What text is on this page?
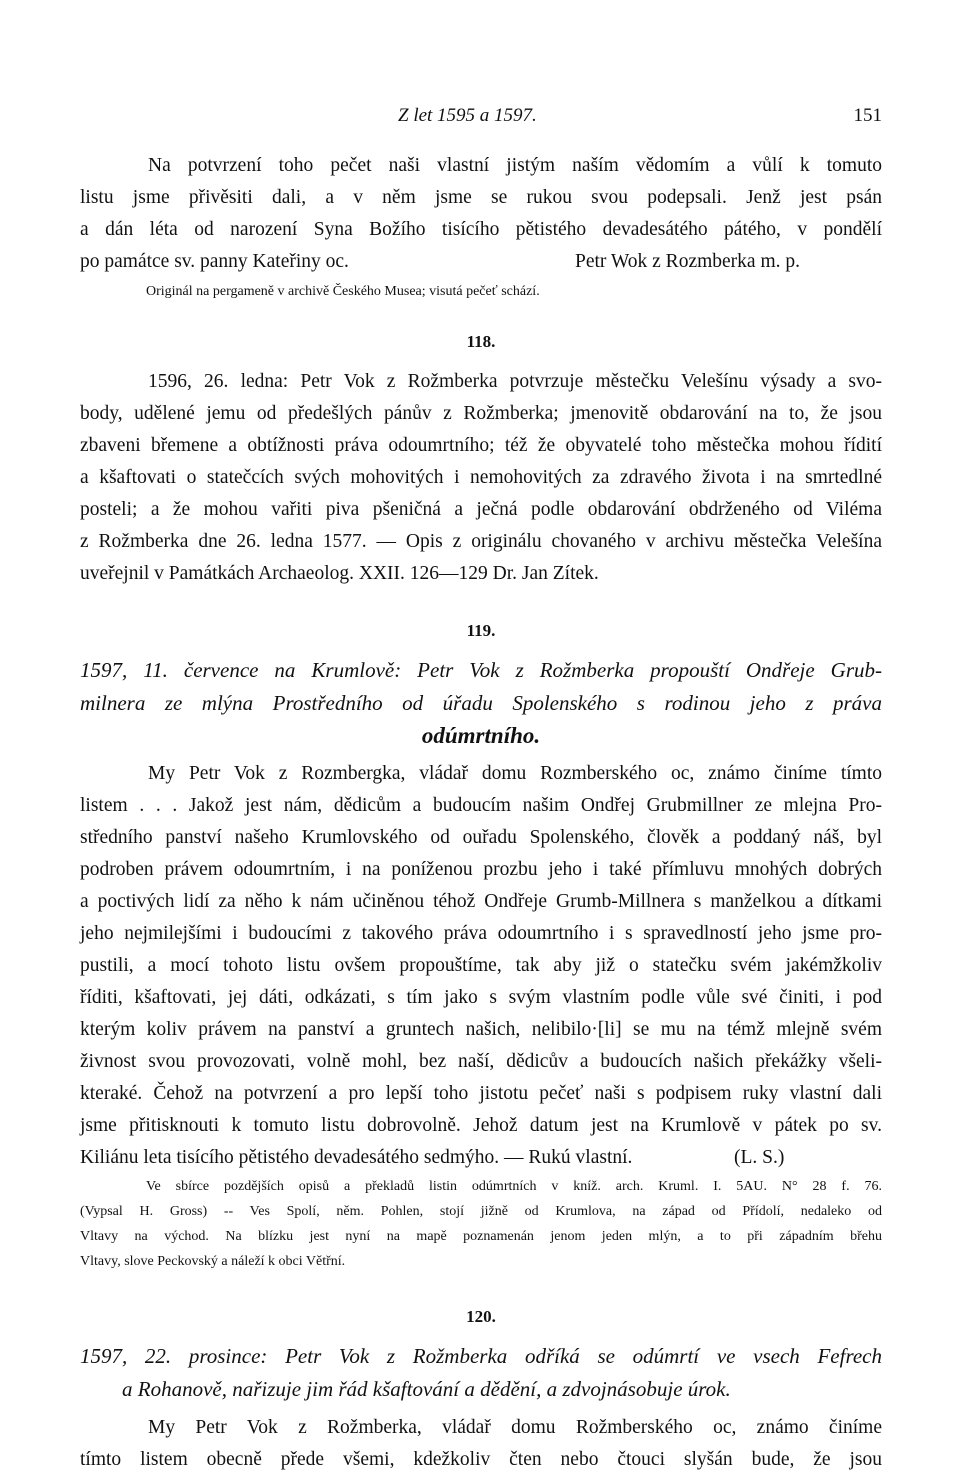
Z let 1595 a 1597.	151
Na potvrzení toho pečet naši vlastní jistým naším vědomím a vůlí k tomuto
listu jsme přivěsiti dali, a v něm jsme se rukou svou podepsali. Jenž jest psán
a dán léta od narození Syna Božího tisícího pětistého devadesátého pátého, v pondělí
po památce sv. panny Kateřiny oc.	Petr Wok z Rozmberka m. p.
Originál na pergameně v archivě Českého Musea; visutá pečeť schází.
118.
1596, 26. ledna: Petr Vok z Rožmberka potvrzuje městečku Velešínu výsady a svo-
body, udělené jemu od předešlých pánův z Rožmberka; jmenovitě obdarování na to, že jsou
zbaveni břemene a obtížnosti práva odoumrtního; též že obyvatelé toho městečka mohou řídití
a kšaftovati o statečcích svých mohovitých i nemohovitých za zdravého života i na smrtedlné
posteli; a že mohou vařiti piva pšeničná a ječná podle obdarování obdrženého od Viléma
z Rožmberka dne 26. ledna 1577. — Opis z originálu chovaného v archivu městečka Velešína
uveřejnil v Památkách Archaeolog. XXII. 126—129 Dr. Jan Zítek.
119.
1597, 11. července na Krumlově: Petr Vok z Rožmberka propouští Ondřeje Grub-
milnera ze mlýna Prostředního od úřadu Spolenského s rodinou jeho z práva
odúmrtního.
My Petr Vok z Rozmbergka, vládař domu Rozmberského oc, známo činíme tímto
listem . . . Jakož jest nám, dědicům a budoucím našim Ondřej Grubmillner ze mlejna Pro-
středního panství našeho Krumlovského od ouřadu Spolenského, člověk a poddaný náš, byl
podroben právem odoumrtním, i na poníženou prozbu jeho i také přímluvu mnohých dobrých
a poctivých lidí za něho k nám učiněnou téhož Ondřeje Grumb-Millnera s manželkou a dítkami
jeho nejmilejšími i budoucími z takového práva odoumrtního i s spravedlností jeho jsme pro-
pustili, a mocí tohoto listu ovšem propouštíme, tak aby již o statečku svém jakémžkoliv
říditi, kšaftovati, jej dáti, odkázati, s tím jako s svým vlastním podle vůle své činiti, i pod
kterým koliv právem na panství a gruntech našich, nelibilo·[li] se mu na témž mlejně svém
živnost svou provozovati, volně mohl, bez naší, dědicův a budoucích našich překážky všeli-
kteraké. Čehož na potvrzení a pro lepší toho jistotu pečeť naši s podpisem ruky vlastní dali
jsme přitisknouti k tomuto listu dobrovolně. Jehož datum jest na Krumlově v pátek po sv.
Kiliánu leta tisícího pětistého devadesátého sedmýho. — Rukú vlastní.	(L. S.)
Ve sbírce pozdějších opisů a překladů listin odúmrtních v kníž. arch. Kruml. I. 5AU. N° 28 f. 76.
(Vypsal H. Gross) -- Ves Spolí, něm. Pohlen, stojí jižně od Krumlova, na západ od Přídolí, nedaleko od
Vltavy na východ. Na blízku jest nyní na mapě poznamenán jenom jeden mlýn, a to při západním břehu
Vltavy, slove Peckovský a náleží k obci Větřní.
120.
1597, 22. prosince: Petr Vok z Rožmberka odříká se odúmrtí ve vsech Fefrech
a Rohanově, nařizuje jim řád kšaftování a dědění, a zdvojnásobuje úrok.
My Petr Vok z Rožmberka, vládař domu Rožmberského oc, známo činíme
tímto listem obecně přede všemi, kdežkoliv čten nebo čtouci slyšán bude, že jsou
